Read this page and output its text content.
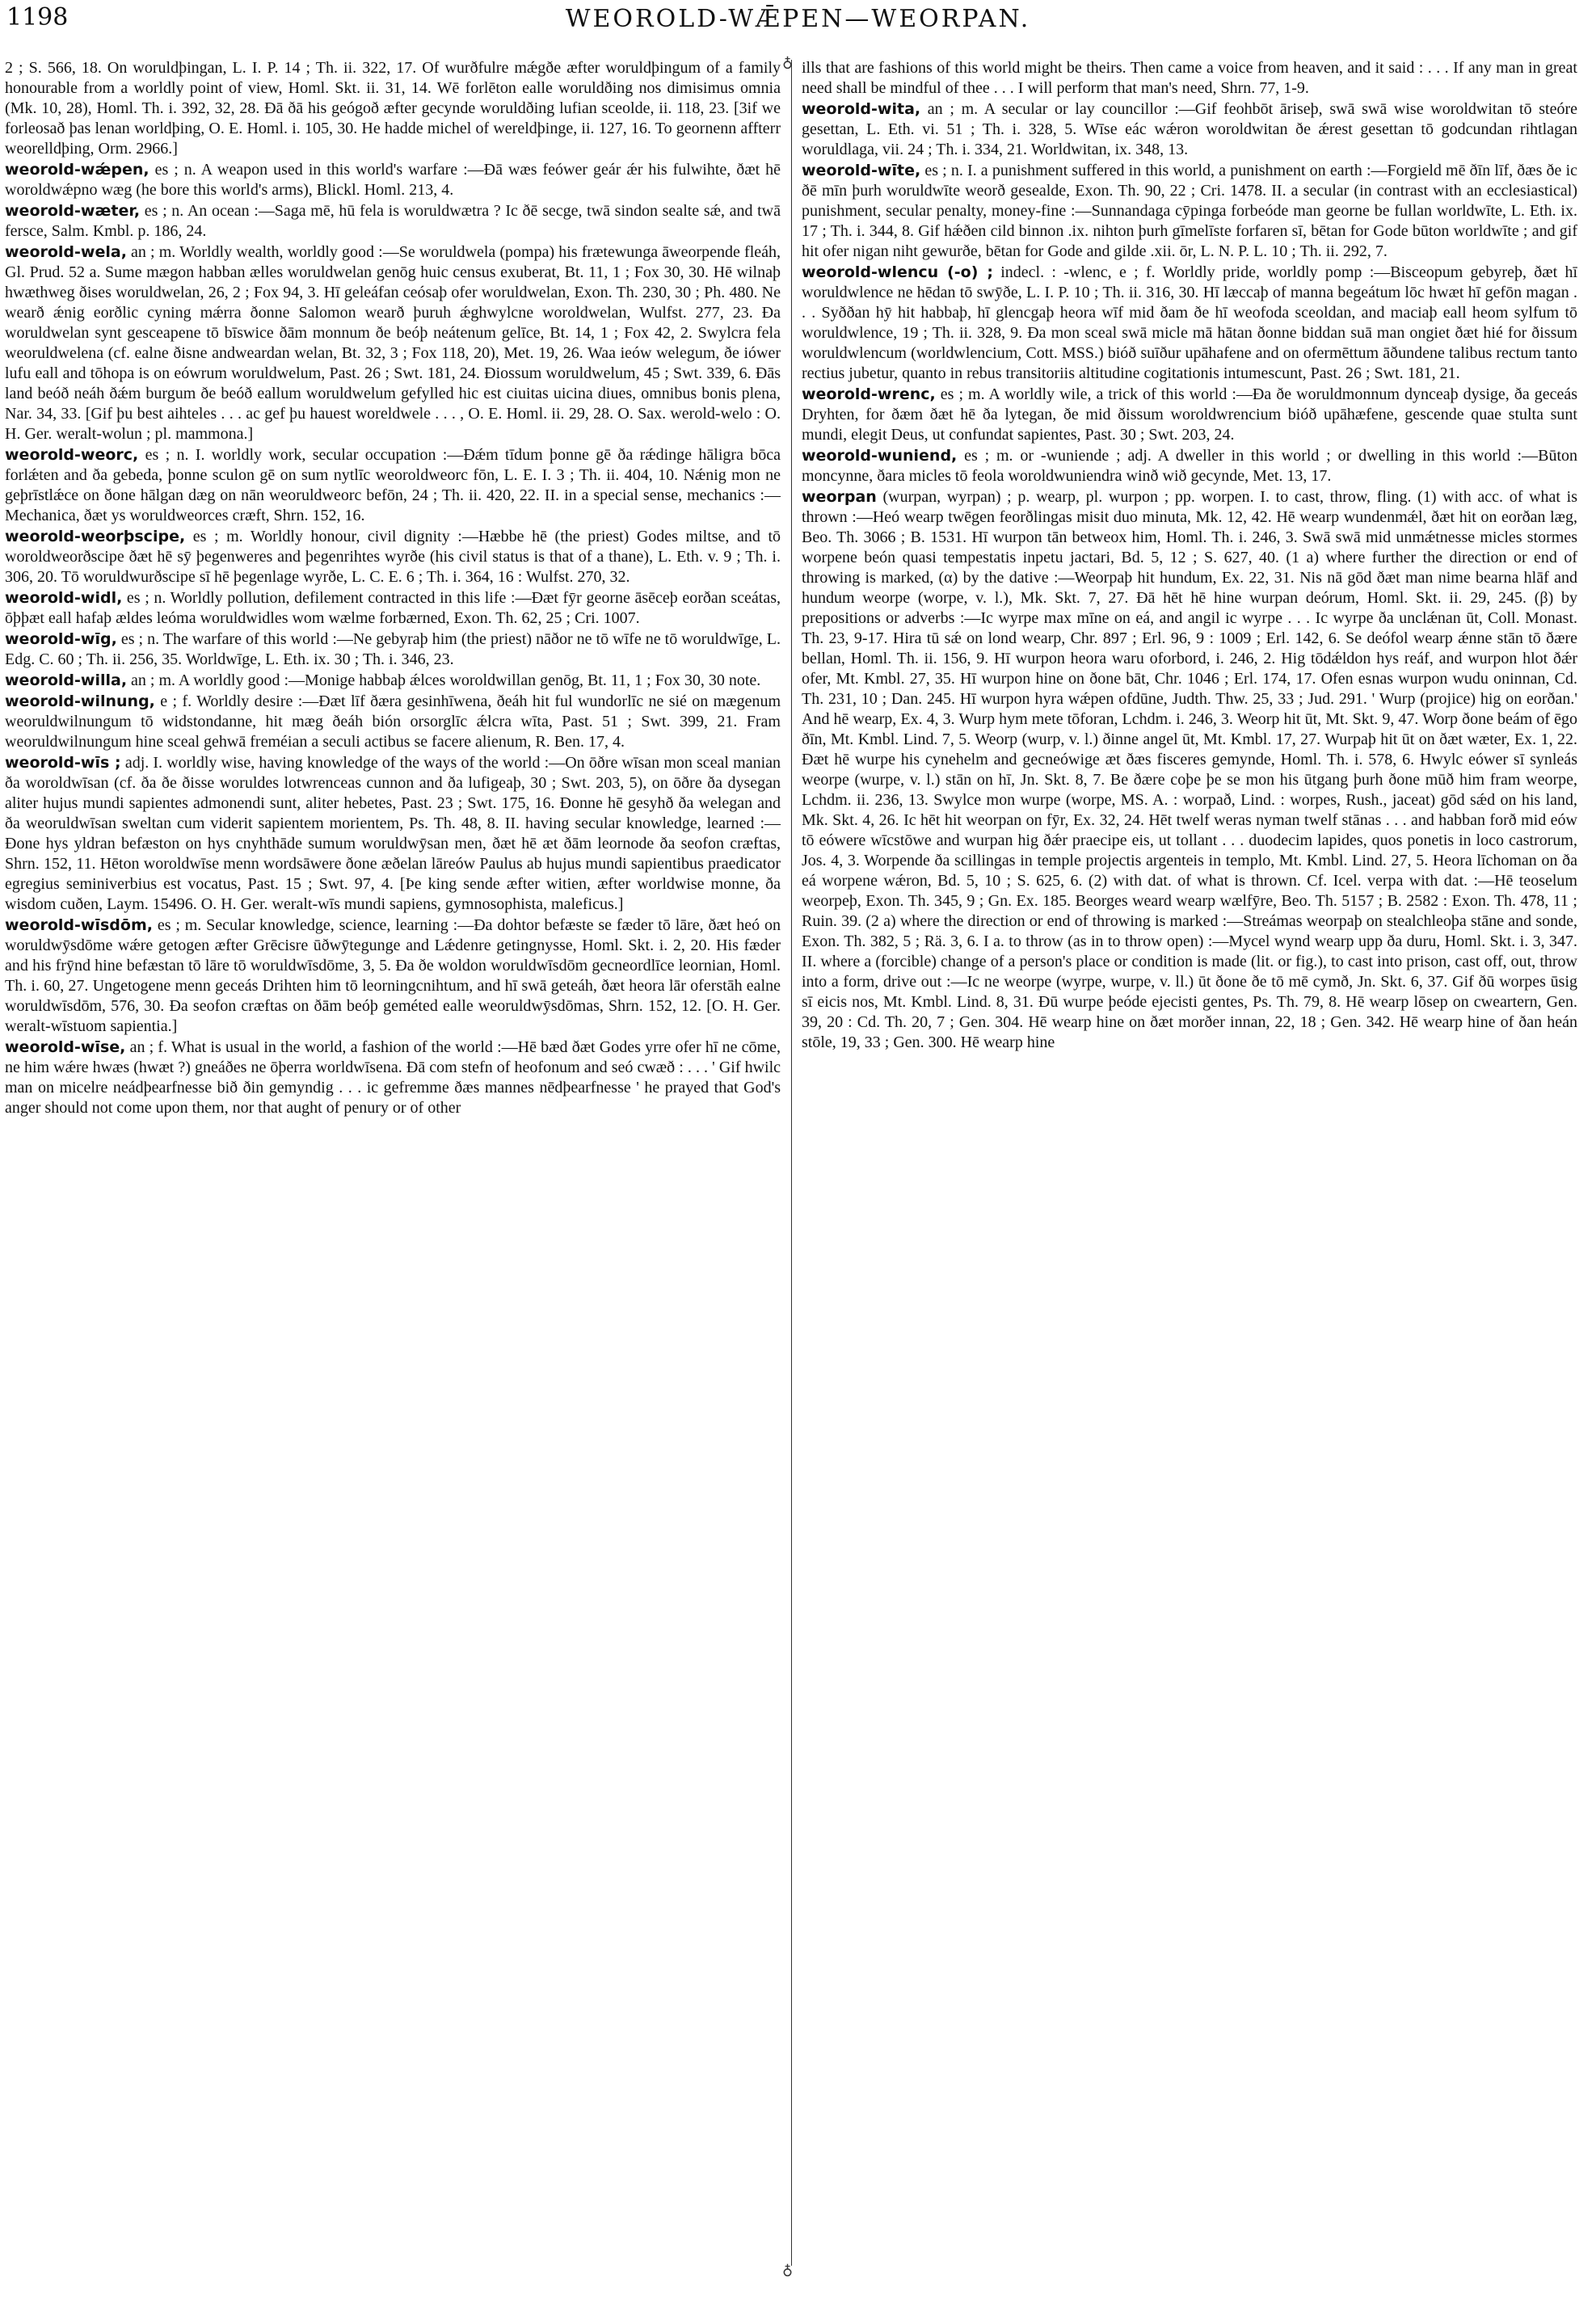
1198	WEOROLD-WǢPEN—WEORPAN.
♁
♁
2 ; S. 566, 18. On woruldþingan, L. I. P. 14 ; Th. ii. 322, 17. Of wurðfulre mǽgðe æfter woruldþingum of a family honourable from a worldly point of view, Homl. Skt. ii. 31, 14. Wē forlēton ealle woruldðing nos dimisimus omnia (Mk. 10, 28), Homl. Th. i. 392, 32, 28. Ðā ðā his geógoð æfter gecynde woruldðing lufian sceolde, ii. 118, 23. [3if we forleosað þas lenan worldþing, O. E. Homl. i. 105, 30. He hadde michel of wereldþinge, ii. 127, 16. To geornenn affterr weorelldþing, Orm. 2966.]
weorold-wǽpen, es ; n. A weapon used in this world's warfare :—Ðā wæs feówer geár ǽr his fulwihte, ðæt hē woroldwǽpno wæg (he bore this world's arms), Blickl. Homl. 213, 4.
weorold-wæter, es ; n. An ocean :—Saga mē, hū fela is woruldwætra ? Ic ðē secge, twā sindon sealte sǽ, and twā fersce, Salm. Kmbl. p. 186, 24.
weorold-wela, an ; m. Worldly wealth, worldly good :—Se woruldwela (pompa) his frætewunga āweorpende fleáh, Gl. Prud. 52 a. Sume mægon habban ælles woruldwelan genōg huic census exuberat, Bt. 11, 1 ; Fox 30, 30. Hē wilnaþ hwæthweg ðises woruldwelan, 26, 2 ; Fox 94, 3. Hī geleáfan ceósaþ ofer woruldwelan, Exon. Th. 230, 30 ; Ph. 480. Ne wearð ǽnig eorðlic cyning mǽrra ðonne Salomon wearð þuruh ǽghwylcne woroldwelan, Wulfst. 277, 23. Ða woruldwelan synt gesceapene tō bīswice ðām monnum ðe beóþ neátenum gelīce, Bt. 14, 1 ; Fox 42, 2. Swylcra fela weoruldwelena (cf. ealne ðisne andweardan welan, Bt. 32, 3 ; Fox 118, 20), Met. 19, 26. Waa ieów welegum, ðe iówer lufu eall and tōhopa is on eówrum woruldwelum, Past. 26 ; Swt. 181, 24. Ðiossum woruldwelum, 45 ; Swt. 339, 6. Ðās land beóð neáh ðǽm burgum ðe beóð eallum woruldwelum gefylled hic est ciuitas uicina diues, omnibus bonis plena, Nar. 34, 33. [Gif þu best aihteles . . . ac gef þu hauest woreldwele . . . , O. E. Homl. ii. 29, 28. O. Sax. werold-welo : O. H. Ger. weralt-wolun ; pl. mammona.]
weorold-weorc, es ; n. I. worldly work, secular occupation :—Ðǽm tīdum þonne gē ða rǽdinge hāligra bōca forlǽten and ða gebeda, þonne sculon gē on sum nytlīc weoroldweorc fōn, L. E. I. 3 ; Th. ii. 404, 10. Nǽnig mon ne geþrīstlǽce on ðone hālgan dæg on nān weoruldweorc befōn, 24 ; Th. ii. 420, 22. II. in a special sense, mechanics :—Mechanica, ðæt ys woruldweorces cræft, Shrn. 152, 16.
weorold-weorþscipe, es ; m. Worldly honour, civil dignity :—Hæbbe hē (the priest) Godes miltse, and tō woroldweorðscipe ðæt hē sȳ þegenweres and þegenrihtes wyrðe (his civil status is that of a thane), L. Eth. v. 9 ; Th. i. 306, 20. Tō woruldwurðscipe sī hē þegenlage wyrðe, L. C. E. 6 ; Th. i. 364, 16 : Wulfst. 270, 32.
weorold-widl, es ; n. Worldly pollution, defilement contracted in this life :—Ðæt fȳr georne āsēceþ eorðan sceátas, ōþþæt eall hafaþ ældes leóma woruldwidles wom wælme forbærned, Exon. Th. 62, 25 ; Cri. 1007.
weorold-wīg, es ; n. The warfare of this world :—Ne gebyraþ him (the priest) nāðor ne tō wīfe ne tō woruldwīge, L. Edg. C. 60 ; Th. ii. 256, 35. Worldwīge, L. Eth. ix. 30 ; Th. i. 346, 23.
weorold-willa, an ; m. A worldly good :—Monige habbaþ ǽlces woroldwillan genōg, Bt. 11, 1 ; Fox 30, 30 note.
weorold-wilnung, e ; f. Worldly desire :—Ðæt līf ðæra gesinhīwena, ðeáh hit ful wundorlīc ne sié on mægenum weoruldwilnungum tō widstondanne, hit mæg ðeáh bión orsorglīc ǽlcra wīta, Past. 51 ; Swt. 399, 21. Fram weoruldwilnungum hine sceal gehwā freméian a seculi actibus se facere alienum, R. Ben. 17, 4.
weorold-wīs ; adj. I. worldly wise, having knowledge of the ways of the world :—On ōðre wīsan mon sceal manian ða woroldwīsan (cf. ða ðe ðisse woruldes lotwrenceas cunnon and ða lufigeaþ, 30 ; Swt. 203, 5), on ōðre ða dysegan aliter hujus mundi sapientes admonendi sunt, aliter hebetes, Past. 23 ; Swt. 175, 16. Ðonne hē gesyhð ða welegan and ða weoruldwīsan sweltan cum viderit sapientem morientem, Ps. Th. 48, 8. II. having secular knowledge, learned :—Ðone hys yldran befæston on hys cnyhthāde sumum woruldwȳsan men, ðæt hē æt ðām leornode ða seofon cræftas, Shrn. 152, 11. Hēton woroldwīse menn wordsāwere ðone æðelan lāreów Paulus ab hujus mundi sapientibus praedicator egregius seminiverbius est vocatus, Past. 15 ; Swt. 97, 4. [Þe king sende æfter witien, æfter worldwise monne, ða wisdom cuðen, Laym. 15496. O. H. Ger. weralt-wīs mundi sapiens, gymnosophista, maleficus.]
weorold-wīsdōm, es ; m. Secular knowledge, science, learning :—Ða dohtor befæste se fæder tō lāre, ðæt heó on woruldwȳsdōme wǽre getogen æfter Grēcisre ūðwȳtegunge and Lǽdenre getingnysse, Homl. Skt. i. 2, 20. His fæder and his frȳnd hine befæstan tō lāre tō woruldwīsdōme, 3, 5. Ða ðe woldon woruldwīsdōm gecneordlīce leornian, Homl. Th. i. 60, 27. Ungetogene menn geceás Drihten him tō leorningcnihtum, and hī swā geteáh, ðæt heora lār oferstāh ealne woruldwīsdōm, 576, 30. Ða seofon cræftas on ðām beóþ geméted ealle weoruldwȳsdōmas, Shrn. 152, 12. [O. H. Ger. weralt-wīstuom sapientia.]
weorold-wīse, an ; f. What is usual in the world, a fashion of the world :—Hē bæd ðæt Godes yrre ofer hī ne cōme, ne him wǽre hwæs (hwæt ?) gneáðes ne ōþerra worldwīsena. Ðā com stefn of heofonum and seó cwæð : . . . ' Gif hwilc man on micelre neádþearfnesse bið ðin gemyndig . . . ic gefremme ðæs mannes nēdþearfnesse ' he prayed that God's anger should not come upon them, nor that aught of penury or of other
ills that are fashions of this world might be theirs. Then came a voice from heaven, and it said : . . . If any man in great need shall be mindful of thee . . . I will perform that man's need, Shrn. 77, 1-9.
weorold-wita, an ; m. A secular or lay councillor :—Gif feohbōt āriseþ, swā swā wise woroldwitan tō steóre gesettan, L. Eth. vi. 51 ; Th. i. 328, 5. Wīse eác wǽron woroldwitan ðe ǽrest gesettan tō godcundan rihtlagan woruldlaga, vii. 24 ; Th. i. 334, 21. Worldwitan, ix. 348, 13.
weorold-wīte, es ; n. I. a punishment suffered in this world, a punishment on earth :—Forgield mē ðīn līf, ðæs ðe ic ðē mīn þurh woruldwīte weorð gesealde, Exon. Th. 90, 22 ; Cri. 1478. II. a secular (in contrast with an ecclesiastical) punishment, secular penalty, money-fine :—Sunnandaga cȳpinga forbeóde man georne be fullan worldwīte, L. Eth. ix. 17 ; Th. i. 344, 8. Gif hǽðen cild binnon .ix. nihton þurh gīmelīste forfaren sī, bētan for Gode būton worldwīte ; and gif hit ofer nigan niht gewurðe, bētan for Gode and gilde .xii. ōr, L. N. P. L. 10 ; Th. ii. 292, 7.
weorold-wlencu (-o) ; indecl. : -wlenc, e ; f. Worldly pride, worldly pomp :—Bisceopum gebyreþ, ðæt hī woruldwlence ne hēdan tō swȳðe, L. I. P. 10 ; Th. ii. 316, 30. Hī læccaþ of manna begeátum lōc hwæt hī gefōn magan . . . Syððan hȳ hit habbaþ, hī glencgaþ heora wīf mid ðam ðe hī weofoda sceoldan, and maciaþ eall heom sylfum tō woruldwlence, 19 ; Th. ii. 328, 9. Ða mon sceal swā micle mā hātan ðonne biddan suā man ongiet ðæt hié for ðissum woruldwlencum (worldwlencium, Cott. MSS.) bióð suīður upāhafene and on ofermēttum āðundene talibus rectum tanto rectius jubetur, quanto in rebus transitoriis altitudine cogitationis intumescunt, Past. 26 ; Swt. 181, 21.
weorold-wrenc, es ; m. A worldly wile, a trick of this world :—Ða ðe woruldmonnum dynceaþ dysige, ða geceás Dryhten, for ðæm ðæt hē ða lytegan, ðe mid ðissum woroldwrencium bióð upāhæfene, gescende quae stulta sunt mundi, elegit Deus, ut confundat sapientes, Past. 30 ; Swt. 203, 24.
weorold-wuniend, es ; m. or -wuniende ; adj. A dweller in this world ; or dwelling in this world :—Būton moncynne, ðara micles tō feola woroldwuniendra winð wið gecynde, Met. 13, 17.
weorpan (wurpan, wyrpan) ; p. wearp, pl. wurpon ; pp. worpen. I. to cast, throw, fling. (1) with acc. of what is thrown :—Heó wearp twēgen feorðlingas misit duo minuta, Mk. 12, 42. Hē wearp wundenmǽl, ðæt hit on eorðan læg, Beo. Th. 3066 ; B. 1531. Hī wurpon tān betweox him, Homl. Th. i. 246, 3. Swā swā mid unmǽtnesse micles stormes worpene beón quasi tempestatis inpetu jactari, Bd. 5, 12 ; S. 627, 40. (1 a) where further the direction or end of throwing is marked, (α) by the dative :—Weorpaþ hit hundum, Ex. 22, 31. Nis nā gōd ðæt man nime bearna hlāf and hundum weorpe (worpe, v. l.), Mk. Skt. 7, 27. Ðā hēt hē hine wurpan deórum, Homl. Skt. ii. 29, 245. (β) by prepositions or adverbs :—Ic wyrpe max mīne on eá, and angil ic wyrpe . . . Ic wyrpe ða unclǽnan ūt, Coll. Monast. Th. 23, 9-17. Hira tū sǽ on lond wearp, Chr. 897 ; Erl. 96, 9 : 1009 ; Erl. 142, 6. Se deófol wearp ǽnne stān tō ðære bellan, Homl. Th. ii. 156, 9. Hī wurpon heora waru oforbord, i. 246, 2. Hig tōdǽldon hys reáf, and wurpon hlot ðǽr ofer, Mt. Kmbl. 27, 35. Hī wurpon hine on ðone bāt, Chr. 1046 ; Erl. 174, 17. Ofen esnas wurpon wudu oninnan, Cd. Th. 231, 10 ; Dan. 245. Hī wurpon hyra wǽpen ofdūne, Judth. Thw. 25, 33 ; Jud. 291. ' Wurp (projice) hig on eorðan.' And hē wearp, Ex. 4, 3. Wurp hym mete tōforan, Lchdm. i. 246, 3. Weorp hit ūt, Mt. Skt. 9, 47. Worp ðone beám of ēgo ðīn, Mt. Kmbl. Lind. 7, 5. Weorp (wurp, v. l.) ðinne angel ūt, Mt. Kmbl. 17, 27. Wurpaþ hit ūt on ðæt wæter, Ex. 1, 22. Ðæt hē wurpe his cynehelm and gecneówige æt ðæs fisceres gemynde, Homl. Th. i. 578, 6. Hwylc eówer sī synleás weorpe (wurpe, v. l.) stān on hī, Jn. Skt. 8, 7. Be ðære coþe þe se mon his ūtgang þurh ðone mūð him fram weorpe, Lchdm. ii. 236, 13. Swylce mon wurpe (worpe, MS. A. : worpað, Lind. : worpes, Rush., jaceat) gōd sǽd on his land, Mk. Skt. 4, 26. Ic hēt hit weorpan on fȳr, Ex. 32, 24. Hēt twelf weras nyman twelf stānas . . . and habban forð mid eów tō eówere wīcstōwe and wurpan hig ðǽr praecipe eis, ut tollant . . . duodecim lapides, quos ponetis in loco castrorum, Jos. 4, 3. Worpende ða scillingas in temple projectis argenteis in templo, Mt. Kmbl. Lind. 27, 5. Heora līchoman on ða eá worpene wǽron, Bd. 5, 10 ; S. 625, 6. (2) with dat. of what is thrown. Cf. Icel. verpa with dat. :—Hē teoselum weorpeþ, Exon. Th. 345, 9 ; Gn. Ex. 185. Beorges weard wearp wælfȳre, Beo. Th. 5157 ; B. 2582 : Exon. Th. 478, 11 ; Ruin. 39. (2 a) where the direction or end of throwing is marked :—Streámas weorpaþ on stealchleoþa stāne and sonde, Exon. Th. 382, 5 ; Rä. 3, 6. I a. to throw (as in to throw open) :—Mycel wynd wearp upp ða duru, Homl. Skt. i. 3, 347. II. where a (forcible) change of a person's place or condition is made (lit. or fig.), to cast into prison, cast off, out, throw into a form, drive out :—Ic ne weorpe (wyrpe, wurpe, v. ll.) ūt ðone ðe tō mē cymð, Jn. Skt. 6, 37. Gif ðū worpes ūsig sī eicis nos, Mt. Kmbl. Lind. 8, 31. Ðū wurpe þeóde ejecisti gentes, Ps. Th. 79, 8. Hē wearp lōsep on cweartern, Gen. 39, 20 : Cd. Th. 20, 7 ; Gen. 304. Hē wearp hine on ðæt morðer innan, 22, 18 ; Gen. 342. Hē wearp hine of ðan heán stōle, 19, 33 ; Gen. 300. Hē wearp hine
